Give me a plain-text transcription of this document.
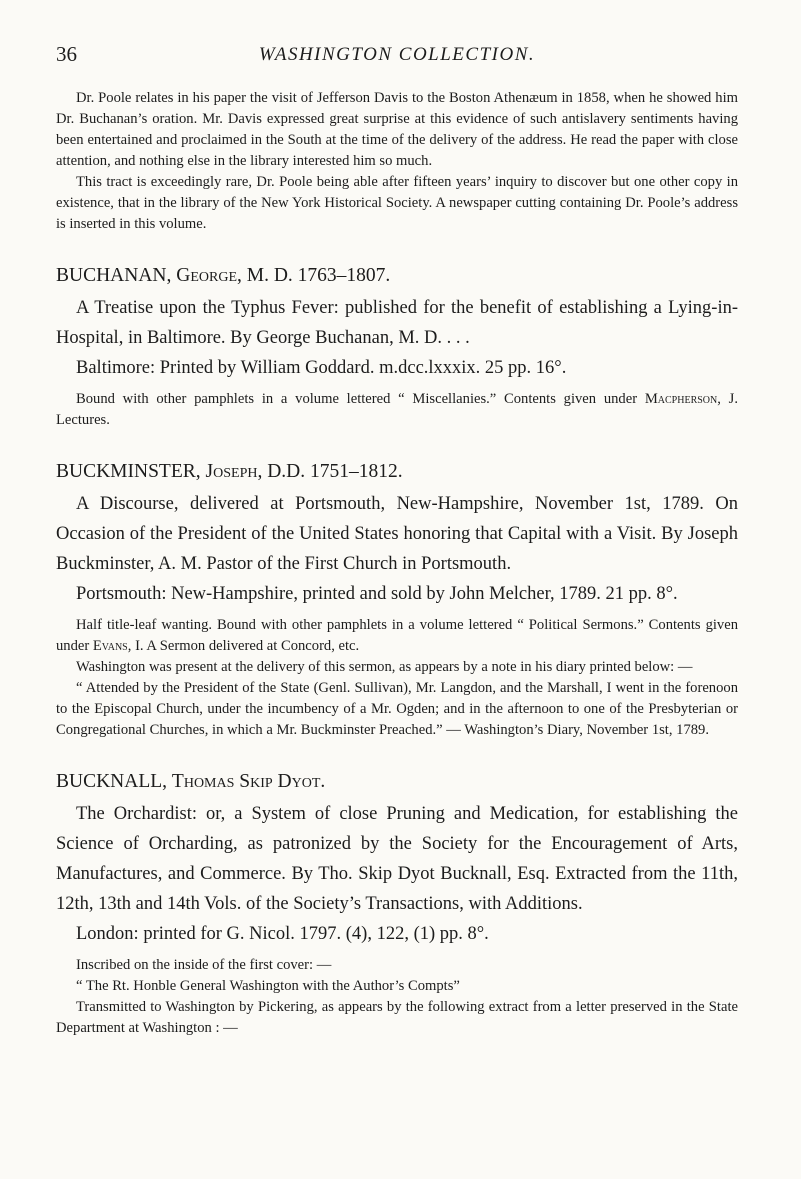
36	WASHINGTON COLLECTION.

Dr. Poole relates in his paper the visit of Jefferson Davis to the Boston Athenæum in 1858, when he showed him Dr. Buchanan’s oration. Mr. Davis expressed great surprise at this evidence of such antislavery sentiments having been entertained and proclaimed in the South at the time of the delivery of the address. He read the paper with close attention, and nothing else in the library interested him so much.

This tract is exceedingly rare, Dr. Poole being able after fifteen years’ inquiry to discover but one other copy in existence, that in the library of the New York Historical Society. A newspaper cutting containing Dr. Poole’s address is inserted in this volume.

BUCHANAN, George, M. D. 1763–1807.

A Treatise upon the Typhus Fever: published for the benefit of establishing a Lying-in-Hospital, in Baltimore. By George Buchanan, M. D. . . .

Baltimore: Printed by William Goddard. m.dcc.lxxxix. 25 pp. 16°.

Bound with other pamphlets in a volume lettered “ Miscellanies.” Contents given under Macpherson, J. Lectures.

BUCKMINSTER, Joseph, D.D. 1751–1812.

A Discourse, delivered at Portsmouth, New-Hampshire, November 1st, 1789. On Occasion of the President of the United States honoring that Capital with a Visit. By Joseph Buckminster, A. M. Pastor of the First Church in Portsmouth.

Portsmouth: New-Hampshire, printed and sold by John Melcher, 1789. 21 pp. 8°.

Half title-leaf wanting. Bound with other pamphlets in a volume lettered “ Political Sermons.” Contents given under Evans, I. A Sermon delivered at Concord, etc.

Washington was present at the delivery of this sermon, as appears by a note in his diary printed below: —

“ Attended by the President of the State (Genl. Sullivan), Mr. Langdon, and the Marshall, I went in the forenoon to the Episcopal Church, under the incumbency of a Mr. Ogden; and in the afternoon to one of the Presbyterian or Congregational Churches, in which a Mr. Buckminster Preached.” — Washington’s Diary, November 1st, 1789.

BUCKNALL, Thomas Skip Dyot.

The Orchardist: or, a System of close Pruning and Medication, for establishing the Science of Orcharding, as patronized by the Society for the Encouragement of Arts, Manufactures, and Commerce. By Tho. Skip Dyot Bucknall, Esq. Extracted from the 11th, 12th, 13th and 14th Vols. of the Society’s Transactions, with Additions.

London: printed for G. Nicol. 1797. (4), 122, (1) pp. 8°.

Inscribed on the inside of the first cover: —

“ The Rt. Honble General Washington with the Author’s Compts”

Transmitted to Washington by Pickering, as appears by the following extract from a letter preserved in the State Department at Washington : —
